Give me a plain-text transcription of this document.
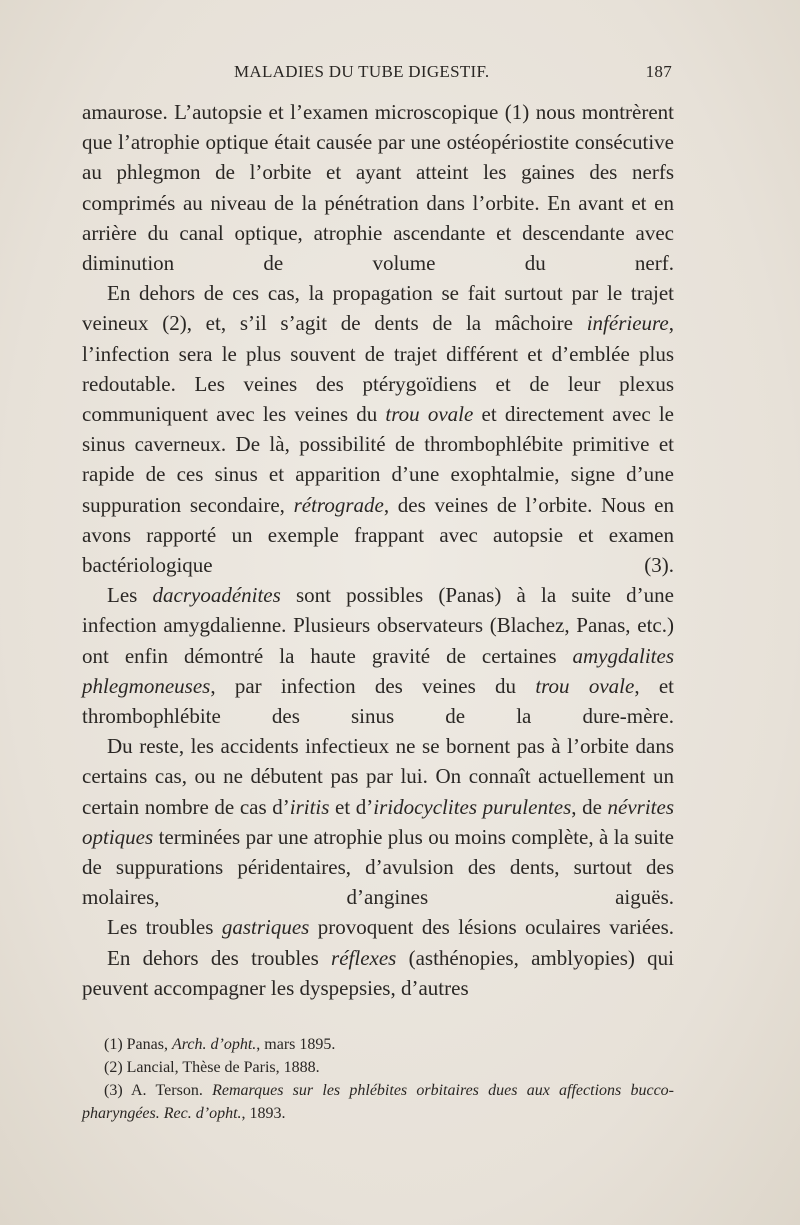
MALADIES DU TUBE DIGESTIF.	187

amaurose. L’autopsie et l’examen microscopique (1) nous montrèrent que l’atrophie optique était causée par une ostéopériostite consécutive au phlegmon de l’orbite et ayant atteint les gaines des nerfs comprimés au niveau de la pénétration dans l’orbite. En avant et en arrière du canal optique, atrophie ascendante et descendante avec diminution de volume du nerf.

En dehors de ces cas, la propagation se fait surtout par le trajet veineux (2), et, s’il s’agit de dents de la mâchoire inférieure, l’infection sera le plus souvent de trajet différent et d’emblée plus redoutable. Les veines des ptérygoïdiens et de leur plexus communiquent avec les veines du trou ovale et directement avec le sinus caverneux. De là, possibilité de thrombophlébite primitive et rapide de ces sinus et apparition d’une exophtalmie, signe d’une suppuration secondaire, rétrograde, des veines de l’orbite. Nous en avons rapporté un exemple frappant avec autopsie et examen bactériologique (3).

Les dacryoadénites sont possibles (Panas) à la suite d’une infection amygdalienne. Plusieurs observateurs (Blachez, Panas, etc.) ont enfin démontré la haute gravité de certaines amygdalites phlegmoneuses, par infection des veines du trou ovale, et thrombophlébite des sinus de la dure-mère.

Du reste, les accidents infectieux ne se bornent pas à l’orbite dans certains cas, ou ne débutent pas par lui. On connaît actuellement un certain nombre de cas d’iritis et d’iridocyclites purulentes, de névrites optiques terminées par une atrophie plus ou moins complète, à la suite de suppurations péridentaires, d’avulsion des dents, surtout des molaires, d’angines aiguës.

Les troubles gastriques provoquent des lésions oculaires variées.

En dehors des troubles réflexes (asthénopies, amblyopies) qui peuvent accompagner les dyspepsies, d’autres

(1) Panas, Arch. d’opht., mars 1895.

(2) Lancial, Thèse de Paris, 1888.

(3) A. Terson. Remarques sur les phlébites orbitaires dues aux affections bucco-pharyngées. Rec. d’opht., 1893.
